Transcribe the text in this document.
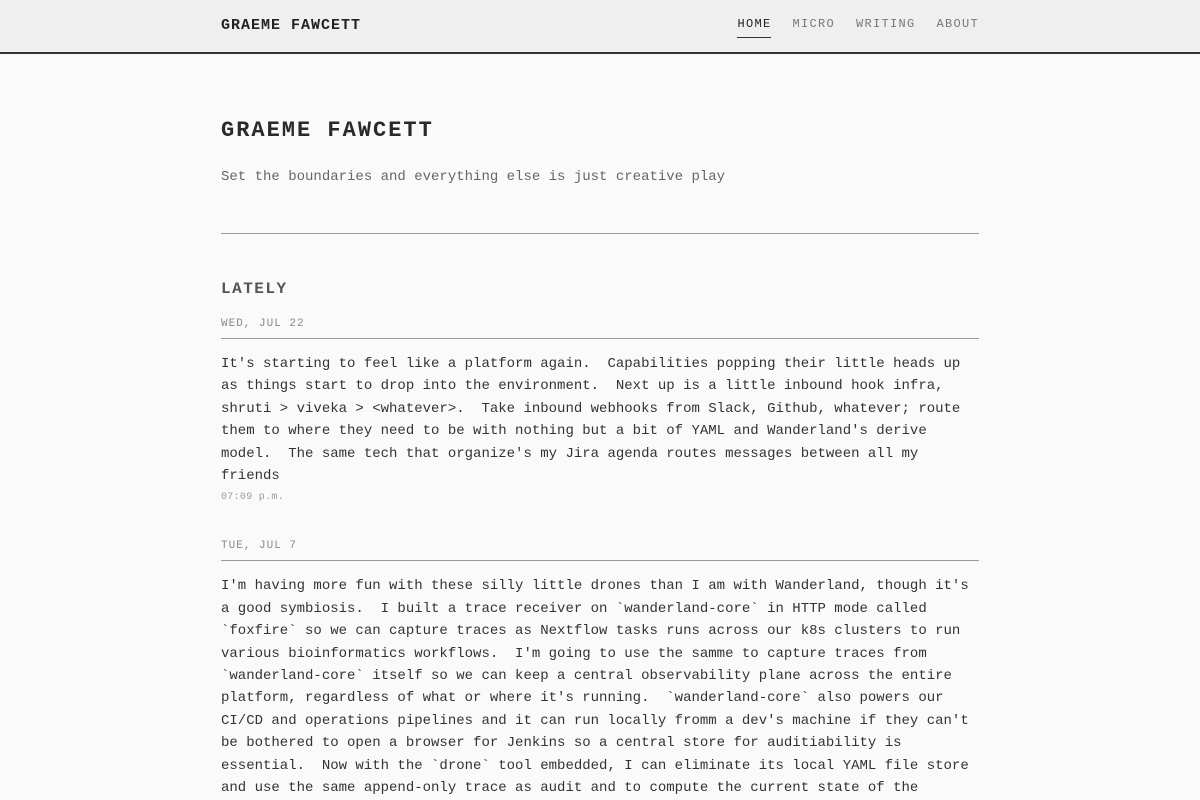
GRAEME FAWCETT	HOME MICRO WRITING ABOUT
GRAEME FAWCETT
Set the boundaries and everything else is just creative play
LATELY
WED, JUL 22
It's starting to feel like a platform again.  Capabilities popping their little heads up as things start to drop into the environment.  Next up is a little inbound hook infra, shruti > viveka > <whatever>.  Take inbound webhooks from Slack, Github, whatever; route them to where they need to be with nothing but a bit of YAML and Wanderland's derive model.  The same tech that organize's my Jira agenda routes messages between all my friends
07:09 p.m.
TUE, JUL 7
I'm having more fun with these silly little drones than I am with Wanderland, though it's a good symbiosis.  I built a trace receiver on `wanderland-core` in HTTP mode called `foxfire` so we can capture traces as Nextflow tasks runs across our k8s clusters to run various bioinformatics workflows.  I'm going to use the samme to capture traces from `wanderland-core` itself so we can keep a central observability plane across the entire platform, regardless of what or where it's running.  `wanderland-core` also powers our CI/CD and operations pipelines and it can run locally fromm a dev's machine if they can't be bothered to open a browser for Jenkins so a central store for auditiability is essential.  Now with the `drone` tool embedded, I can eliminate its local YAML file store and use the same append-only trace as audit and to compute the current state of the
